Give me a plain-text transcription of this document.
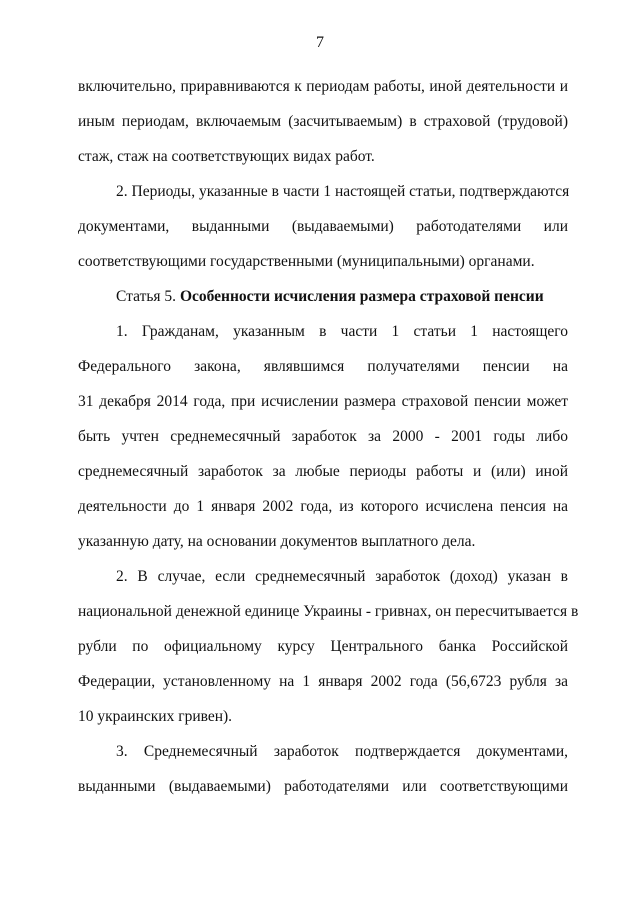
7
включительно, приравниваются к периодам работы, иной деятельности и
иным периодам, включаемым (засчитываемым) в страховой (трудовой)
стаж, стаж на соответствующих видах работ.
2. Периоды, указанные в части 1 настоящей статьи, подтверждаются
документами, выданными (выдаваемыми) работодателями или
соответствующими государственными (муниципальными) органами.
Статья 5. Особенности исчисления размера страховой пенсии
1. Гражданам, указанным в части 1 статьи 1 настоящего
Федерального закона, являвшимся получателями пенсии на
31 декабря 2014 года, при исчислении размера страховой пенсии может
быть учтен среднемесячный заработок за 2000 - 2001 годы либо
среднемесячный заработок за любые периоды работы и (или) иной
деятельности до 1 января 2002 года, из которого исчислена пенсия на
указанную дату, на основании документов выплатного дела.
2. В случае, если среднемесячный заработок (доход) указан в
национальной денежной единице Украины - гривнах, он пересчитывается в
рубли по официальному курсу Центрального банка Российской
Федерации, установленному на 1 января 2002 года (56,6723 рубля за
10 украинских гривен).
3. Среднемесячный заработок подтверждается документами,
выданными (выдаваемыми) работодателями или соответствующими
